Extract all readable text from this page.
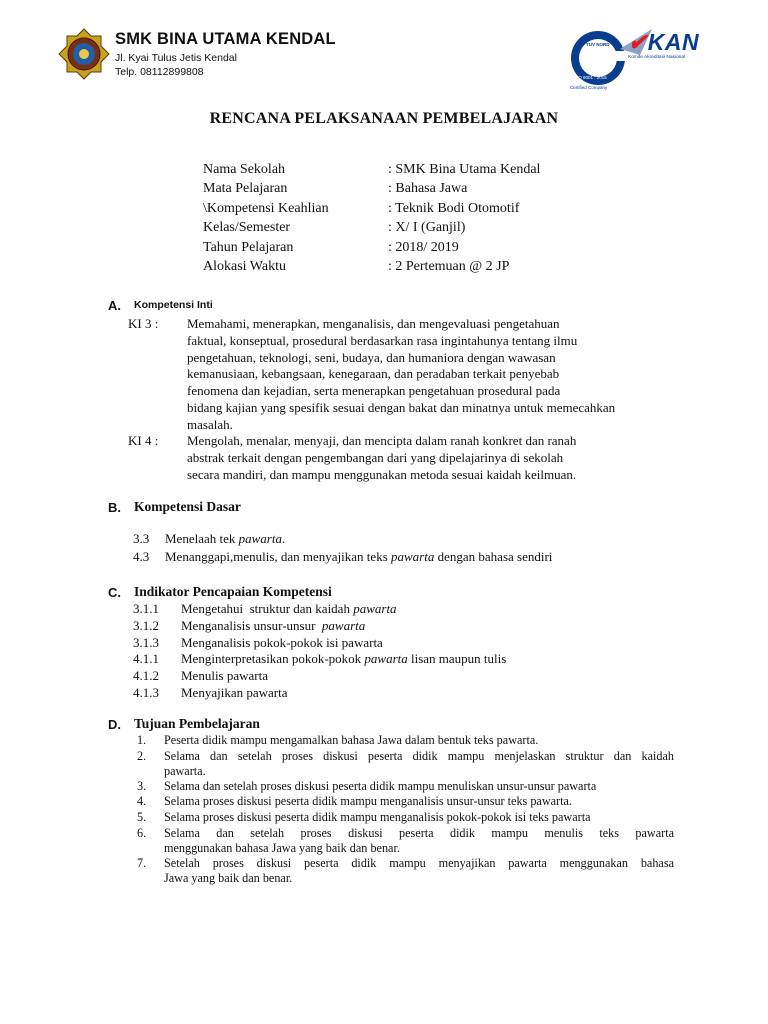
SMK BINA UTAMA KENDAL
Jl. Kyai Tulus Jetis Kendal
Telp. 08112899808
TUV NORD
ISO 9001 : 2015
Certified Company
✔KAN
Komite Akreditasi Nasional
RENCANA PELAKSANAAN PEMBELAJARAN
Nama Sekolah	: SMK Bina Utama Kendal
Mata Pelajaran	: Bahasa Jawa
\Kompetensi Keahlian	: Teknik Bodi Otomotif
Kelas/Semester	: X/ I (Ganjil)
Tahun Pelajaran	: 2018/ 2019
Alokasi Waktu	: 2 Pertemuan @ 2 JP
A. Kompetensi Inti
KI 3 : Memahami, menerapkan, menganalisis, dan mengevaluasi pengetahuan
faktual, konseptual, prosedural berdasarkan rasa ingintahunya tentang ilmu
pengetahuan, teknologi, seni, budaya, dan humaniora dengan wawasan
kemanusiaan, kebangsaan, kenegaraan, dan peradaban terkait penyebab
fenomena dan kejadian, serta menerapkan pengetahuan prosedural pada
bidang kajian yang spesifik sesuai dengan bakat dan minatnya untuk memecahkan
masalah.
KI 4 : Mengolah, menalar, menyaji, dan mencipta dalam ranah konkret dan ranah
abstrak terkait dengan pengembangan dari yang dipelajarinya di sekolah
secara mandiri, dan mampu menggunakan metoda sesuai kaidah keilmuan.
B. Kompetensi Dasar
3.3 Menelaah tek pawarta.
4.3 Menanggapi,menulis, dan menyajikan teks pawarta dengan bahasa sendiri
C. Indikator Pencapaian Kompetensi
3.1.1 Mengetahui  struktur dan kaidah pawarta
3.1.2 Menganalisis unsur-unsur  pawarta
3.1.3 Menganalisis pokok-pokok isi pawarta
4.1.1 Menginterpretasikan pokok-pokok pawarta lisan maupun tulis
4.1.2 Menulis pawarta
4.1.3 Menyajikan pawarta
D. Tujuan Pembelajaran
1. Peserta didik mampu mengamalkan bahasa Jawa dalam bentuk teks pawarta.
2. Selama dan setelah proses diskusi peserta didik mampu menjelaskan struktur dan kaidah
pawarta.
3. Selama dan setelah proses diskusi peserta didik mampu menuliskan unsur-unsur pawarta
4. Selama proses diskusi peserta didik mampu menganalisis unsur-unsur teks pawarta.
5. Selama proses diskusi peserta didik mampu menganalisis pokok-pokok isi teks pawarta
6. Selama dan setelah proses diskusi peserta didik mampu menulis teks pawarta
menggunakan bahasa Jawa yang baik dan benar.
7. Setelah proses diskusi peserta didik mampu menyajikan pawarta menggunakan bahasa
Jawa yang baik dan benar.
